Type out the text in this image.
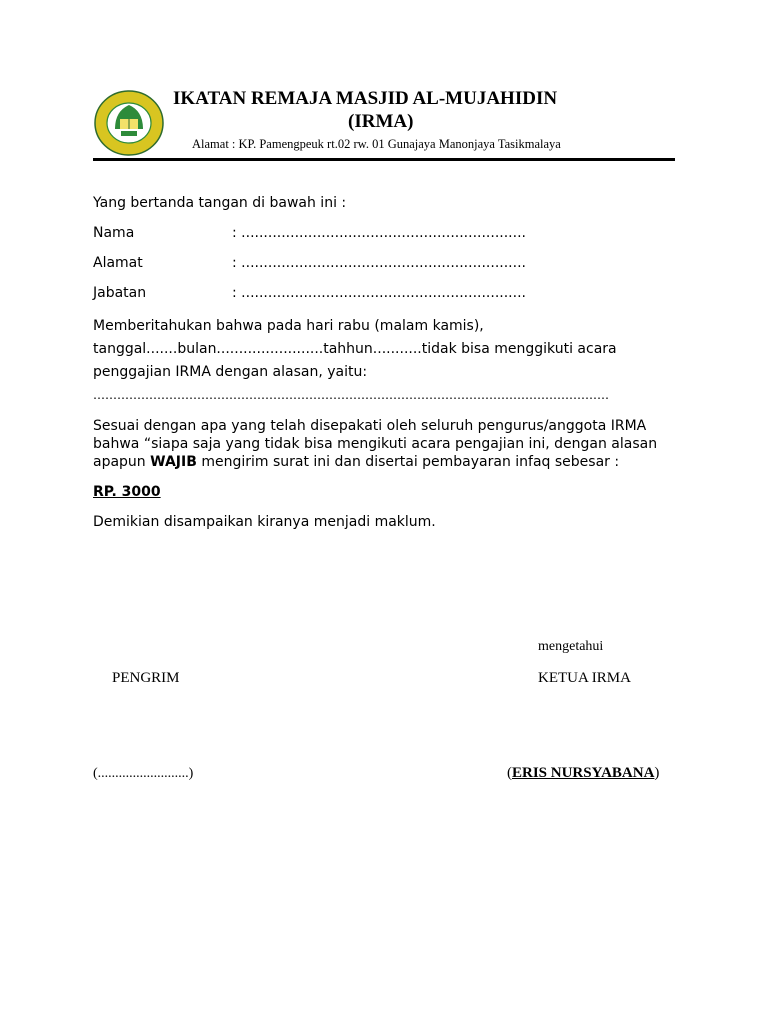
IKATAN REMAJA MASJID AL-MUJAHIDIN
(IRMA)
Alamat : KP. Pamengpeuk rt.02 rw. 01 Gunajaya Manonjaya Tasikmalaya
Yang bertanda tangan di bawah ini :
Nama	: ................................................................
Alamat	: ................................................................
Jabatan	: ................................................................
Memberitahukan bahwa pada hari rabu (malam kamis),
tanggal.......bulan........................tahhun...........tidak bisa menggikuti acara
penggajian IRMA dengan alasan, yaitu:
…………………………………………………………………………………………………………………
Sesuai dengan apa yang telah disepakati oleh seluruh pengurus/anggota IRMA
bahwa “siapa saja yang tidak bisa mengikuti acara pengajian ini, dengan alasan
apapun WAJIB mengirim surat ini dan disertai pembayaran infaq sebesar :
RP. 3000
Demikian disampaikan kiranya menjadi maklum.
mengetahui
PENGRIM	KETUA IRMA
(..........................)	(ERIS NURSYABANA)
